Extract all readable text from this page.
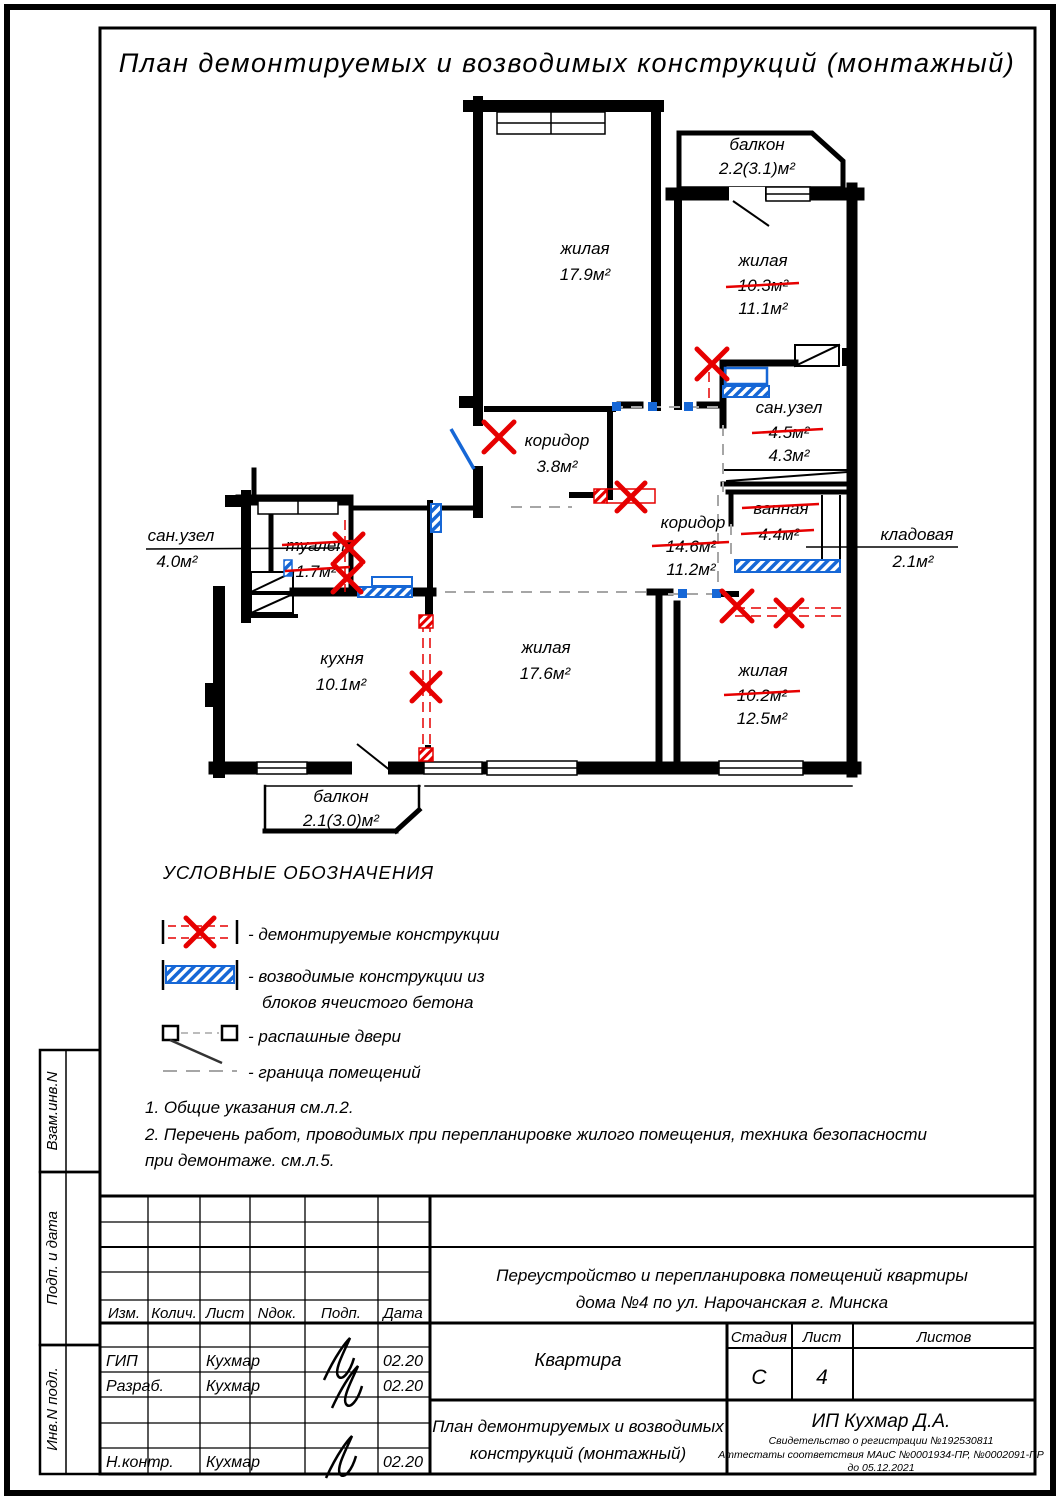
План демонтируемых и возводимых конструкций (монтажный)
балкон
2.2(3.1)м²
жилая
17.9м²
жилая
10.3м²
11.1м²
сан.узел
4.5м²
4.3м²
коридор
3.8м²
коридор
14.6м²
11.2м²
ванная
4.4м²	кладовая
2.1м²
сан.узел
4.0м²
туалет
1.7м²
кухня
10.1м²
жилая
17.6м²	жилая
10.2м²
12.5м²
балкон
2.1(3.0)м²
УСЛОВНЫЕ ОБОЗНАЧЕНИЯ
- демонтируемые конструкции
- возводимые конструкции из
блоков ячеистого бетона
- распашные двери
- граница помещений
1. Общие указания см.л.2.
2. Перечень работ, проводимых при перепланировке жилого помещения, техника безопасности
при демонтаже. см.л.5.
Взам.инв.N
Подп. и дата
Инв.N подл.
Изм. Колич. Лист Nдок. Подп. Дата
ГИП	Кухмар	02.20
Разраб.	Кухмар	02.20
Н.контр. Кухмар	02.20
Переустройство и перепланировка помещений квартиры
дома №4 по ул. Нарочанская г. Минска
Квартира
Стадия Лист	Листов
С 4
План демонтируемых и возводимых
конструкций (монтажный)
ИП Кухмар Д.А.
Свидетельство о регистрации №192530811
Аттестаты соответствия МАиС №0001934-ПР, №0002091-ПР
до 05.12.2021
